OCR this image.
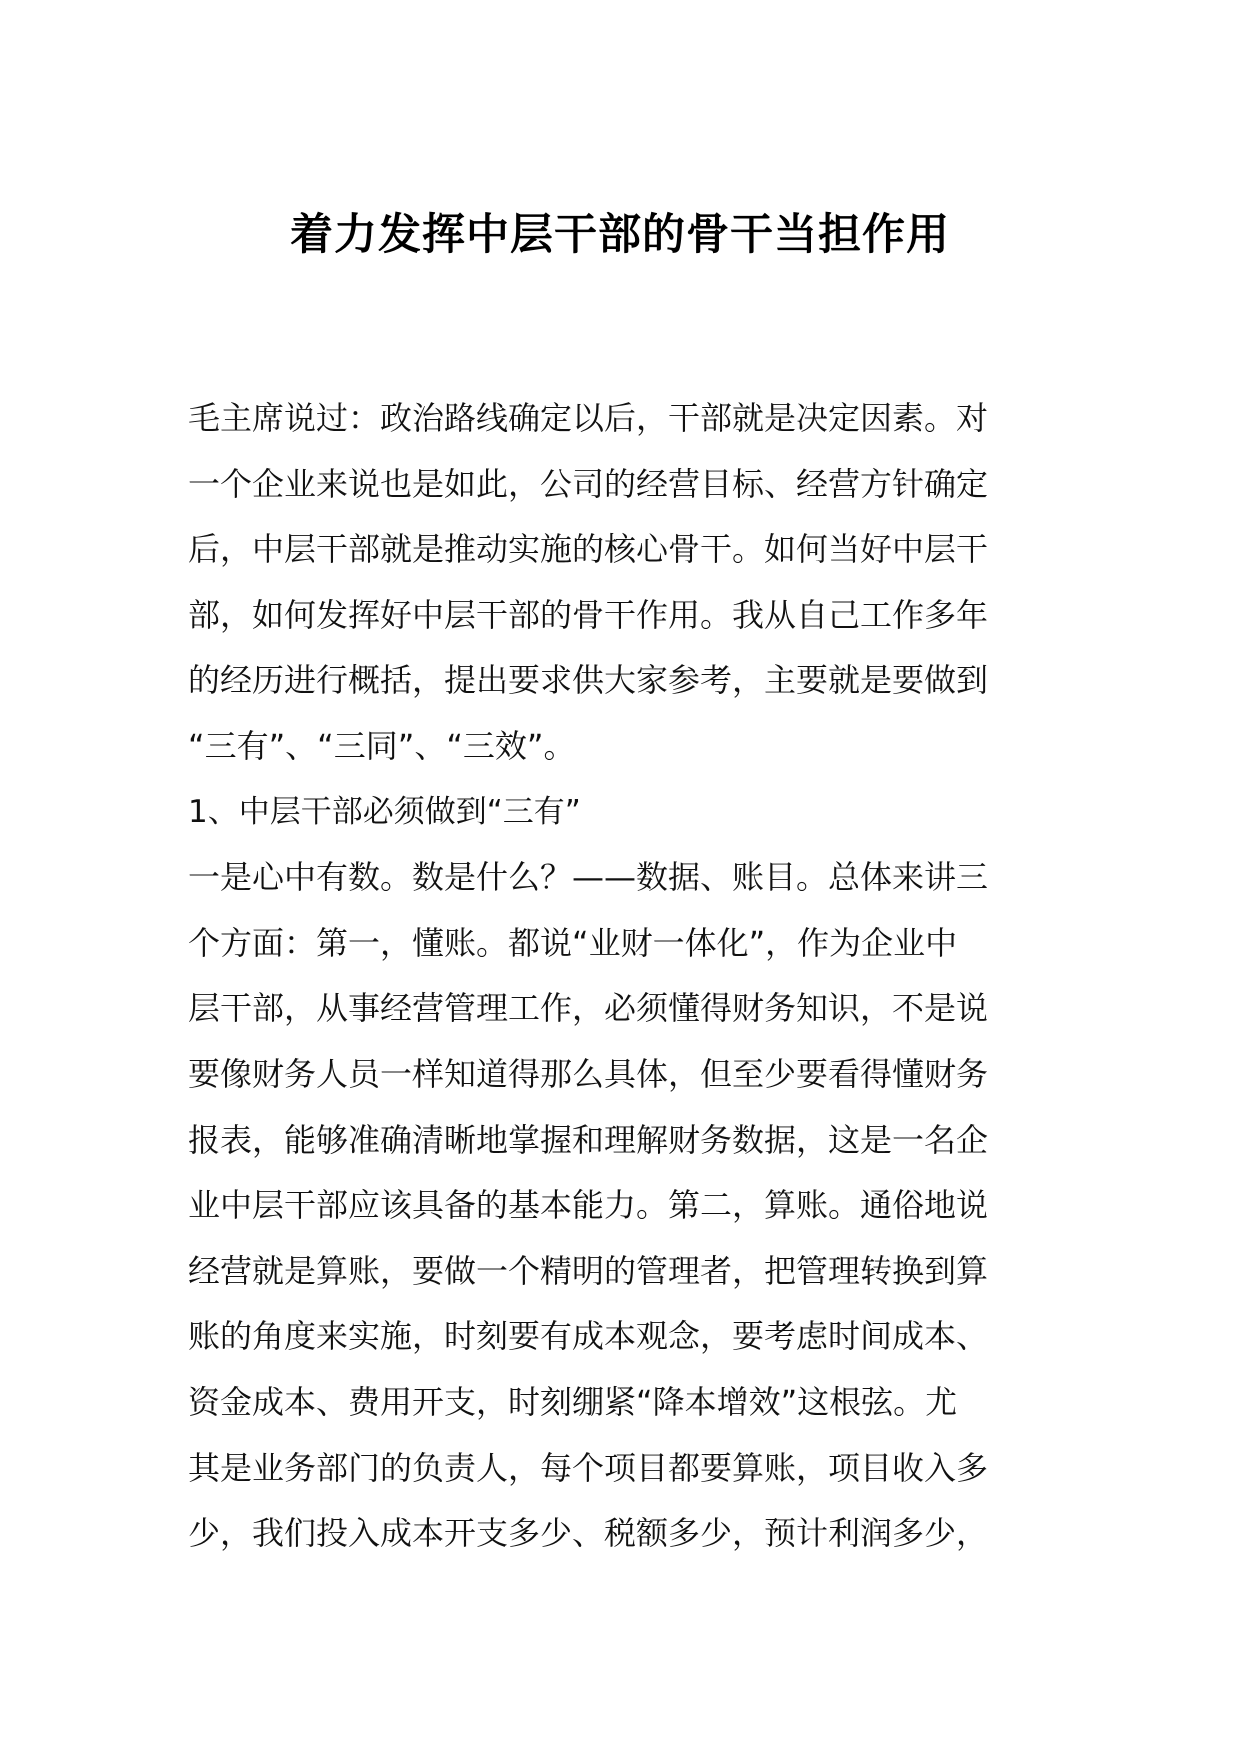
着力发挥中层干部的骨干当担作用
毛主席说过：政治路线确定以后，干部就是决定因素。对
一个企业来说也是如此，公司的经营目标、经营方针确定
后，中层干部就是推动实施的核心骨干。如何当好中层干
部，如何发挥好中层干部的骨干作用。我从自己工作多年
的经历进行概括，提出要求供大家参考，主要就是要做到
“三有”、“三同”、“三效”。
1、中层干部必须做到“三有”
一是心中有数。数是什么？——数据、账目。总体来讲三
个方面：第一，懂账。都说“业财一体化”，作为企业中
层干部，从事经营管理工作，必须懂得财务知识，不是说
要像财务人员一样知道得那么具体，但至少要看得懂财务
报表，能够准确清晰地掌握和理解财务数据，这是一名企
业中层干部应该具备的基本能力。第二，算账。通俗地说
经营就是算账，要做一个精明的管理者，把管理转换到算
账的角度来实施，时刻要有成本观念，要考虑时间成本、
资金成本、费用开支，时刻绷紧“降本增效”这根弦。尤
其是业务部门的负责人，每个项目都要算账，项目收入多
少，我们投入成本开支多少、税额多少，预计利润多少，
